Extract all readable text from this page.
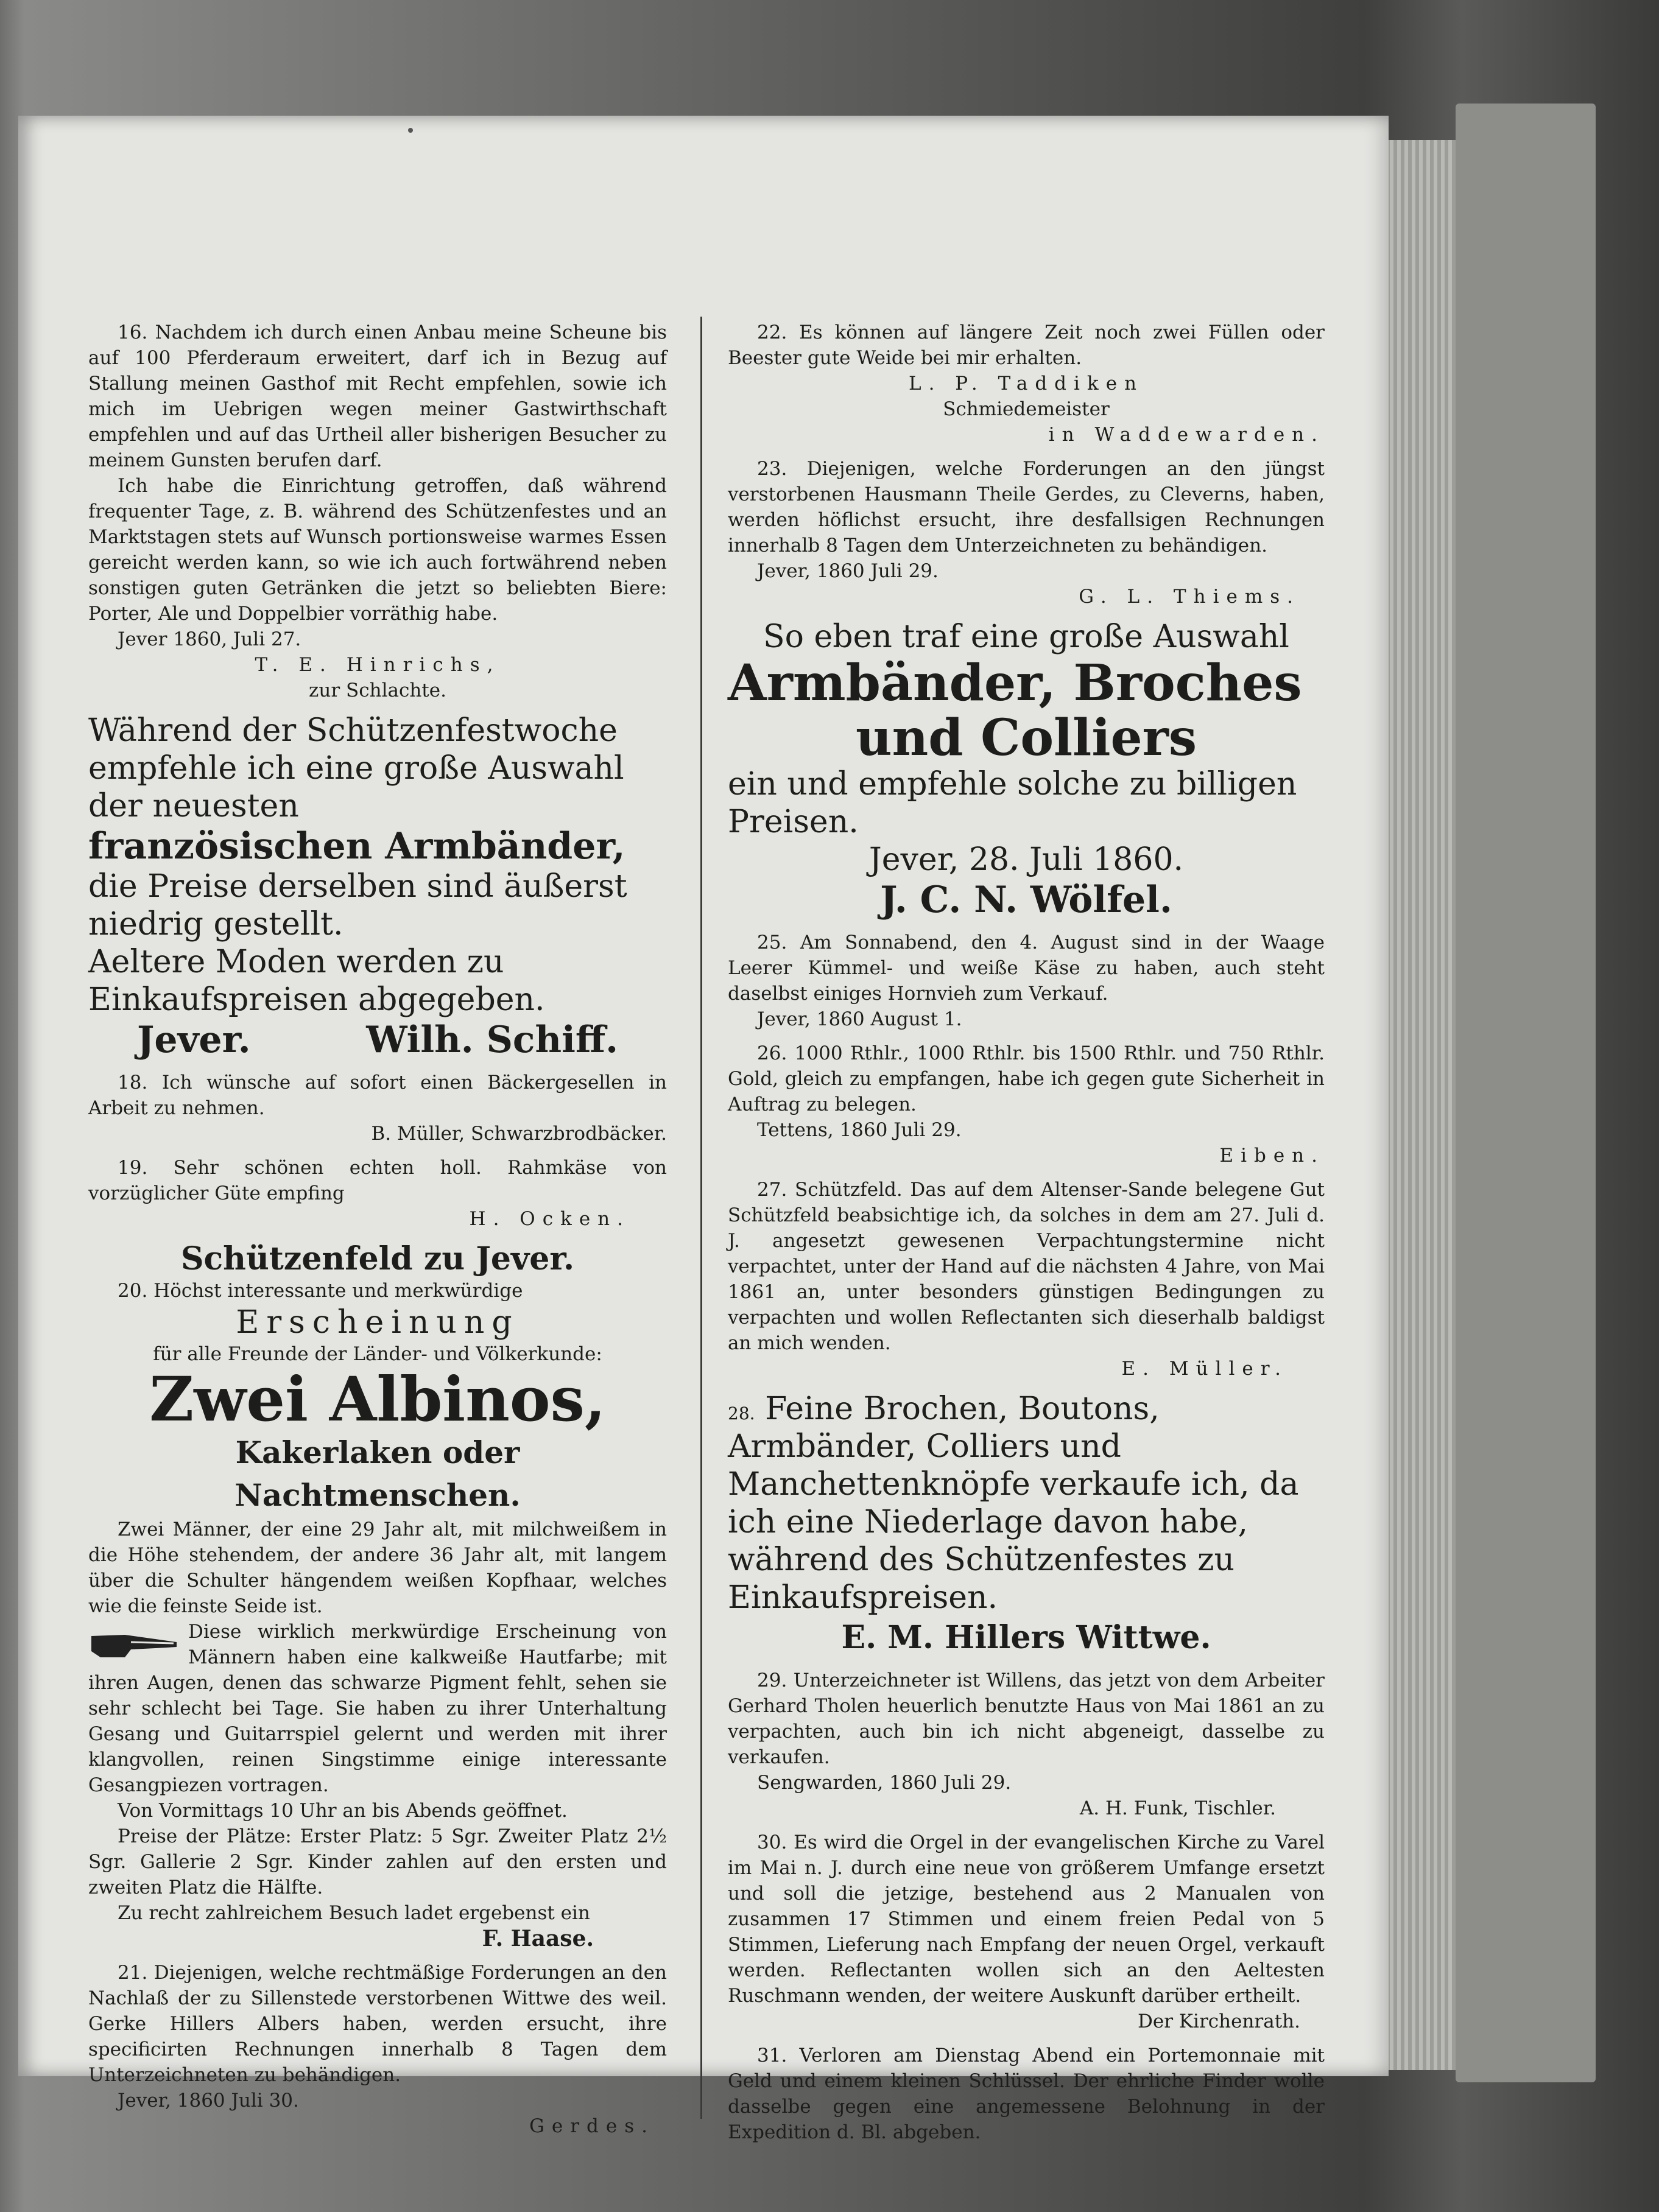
16. Nachdem ich durch einen Anbau meine Scheune bis auf 100 Pferderaum erweitert, darf ich in Bezug auf Stallung meinen Gasthof mit Recht empfehlen, sowie ich mich im Uebrigen wegen meiner Gastwirthschaft empfehlen und auf das Urtheil aller bisherigen Besucher zu meinem Gunsten berufen darf.

Ich habe die Einrichtung getroffen, daß während frequenter Tage, z. B. während des Schützenfestes und an Marktstagen stets auf Wunsch portionsweise warmes Essen gereicht werden kann, so wie ich auch fortwährend neben sonstigen guten Getränken die jetzt so beliebten Biere: Porter, Ale und Doppelbier vorräthig habe.

Jever 1860, Juli 27.

T. E. Hinrichs,

zur Schlachte.

Während der Schützenfestwoche empfehle ich eine große Auswahl der neuesten

französischen Armbänder,

die Preise derselben sind äußerst niedrig gestellt.

Aeltere Moden werden zu Einkaufspreisen abgegeben.

Jever.	Wilh. Schiff.

18. Ich wünsche auf sofort einen Bäckergesellen in Arbeit zu nehmen.

B. Müller, Schwarzbrodbäcker.

19. Sehr schönen echten holl. Rahmkäse von vorzüglicher Güte empfing

H. Ocken.

Schützenfeld zu Jever.

20. Höchst interessante und merkwürdige

Erscheinung

für alle Freunde der Länder- und Völkerkunde:

Zwei Albinos,

Kakerlaken oder Nachtmenschen.

Zwei Männer, der eine 29 Jahr alt, mit milchweißem in die Höhe stehendem, der andere 36 Jahr alt, mit langem über die Schulter hängendem weißen Kopfhaar, welches wie die feinste Seide ist.

Diese wirklich merkwürdige Erscheinung von Männern haben eine kalkweiße Hautfarbe; mit ihren Augen, denen das schwarze Pigment fehlt, sehen sie sehr schlecht bei Tage. Sie haben zu ihrer Unterhaltung Gesang und Guitarrspiel gelernt und werden mit ihrer klangvollen, reinen Singstimme einige interessante Gesangpiezen vortragen.

Von Vormittags 10 Uhr an bis Abends geöffnet.

Preise der Plätze: Erster Platz: 5 Sgr. Zweiter Platz 2½ Sgr. Gallerie 2 Sgr. Kinder zahlen auf den ersten und zweiten Platz die Hälfte.

Zu recht zahlreichem Besuch ladet ergebenst ein

F. Haase.

21. Diejenigen, welche rechtmäßige Forderungen an den Nachlaß der zu Sillenstede verstorbenen Wittwe des weil. Gerke Hillers Albers haben, werden ersucht, ihre specificirten Rechnungen innerhalb 8 Tagen dem Unterzeichneten zu behändigen.

Jever, 1860 Juli 30.

Gerdes.

22. Es können auf längere Zeit noch zwei Füllen oder Beester gute Weide bei mir erhalten.

L. P. Taddiken

Schmiedemeister

in Waddewarden.

23. Diejenigen, welche Forderungen an den jüngst verstorbenen Hausmann Theile Gerdes, zu Cleverns, haben, werden höflichst ersucht, ihre desfallsigen Rechnungen innerhalb 8 Tagen dem Unterzeichneten zu behändigen.

Jever, 1860 Juli 29.

G. L. Thiems.

So eben traf eine große Auswahl

Armbänder, Broches

und Colliers

ein und empfehle solche zu billigen Preisen.

Jever, 28. Juli 1860.

J. C. N. Wölfel.

25. Am Sonnabend, den 4. August sind in der Waage Leerer Kümmel- und weiße Käse zu haben, auch steht daselbst einiges Hornvieh zum Verkauf.

Jever, 1860 August 1.

26. 1000 Rthlr., 1000 Rthlr. bis 1500 Rthlr. und 750 Rthlr. Gold, gleich zu empfangen, habe ich gegen gute Sicherheit in Auftrag zu belegen.

Tettens, 1860 Juli 29.

Eiben.

27. Schützfeld. Das auf dem Altenser-Sande belegene Gut Schützfeld beabsichtige ich, da solches in dem am 27. Juli d. J. angesetzt gewesenen Verpachtungstermine nicht verpachtet, unter der Hand auf die nächsten 4 Jahre, von Mai 1861 an, unter besonders günstigen Bedingungen zu verpachten und wollen Reflectanten sich dieserhalb baldigst an mich wenden.

E. Müller.

28. Feine Brochen, Boutons, Armbänder, Colliers und Manchettenknöpfe verkaufe ich, da ich eine Niederlage davon habe, während des Schützenfestes zu Einkaufspreisen.

E. M. Hillers Wittwe.

29. Unterzeichneter ist Willens, das jetzt von dem Arbeiter Gerhard Tholen heuerlich benutzte Haus von Mai 1861 an zu verpachten, auch bin ich nicht abgeneigt, dasselbe zu verkaufen.

Sengwarden, 1860 Juli 29.

A. H. Funk, Tischler.

30. Es wird die Orgel in der evangelischen Kirche zu Varel im Mai n. J. durch eine neue von größerem Umfange ersetzt und soll die jetzige, bestehend aus 2 Manualen von zusammen 17 Stimmen und einem freien Pedal von 5 Stimmen, Lieferung nach Empfang der neuen Orgel, verkauft werden. Reflectanten wollen sich an den Aeltesten Ruschmann wenden, der weitere Auskunft darüber ertheilt.

Der Kirchenrath.

31. Verloren am Dienstag Abend ein Portemonnaie mit Geld und einem kleinen Schlüssel. Der ehrliche Finder wolle dasselbe gegen eine angemessene Belohnung in der Expedition d. Bl. abgeben.
